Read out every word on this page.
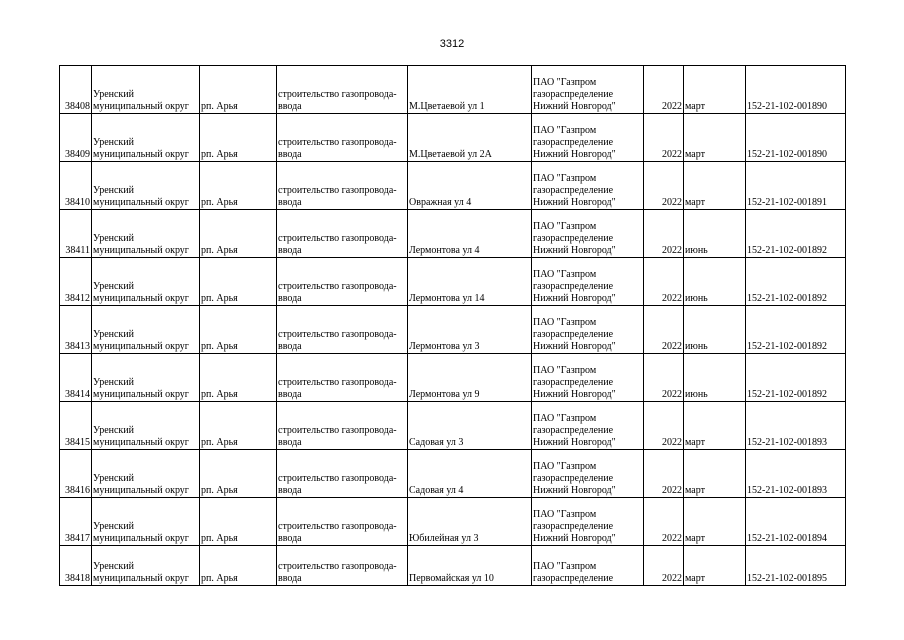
3312
38408	Уренский
муниципальный округ	рп. Арья	строительство газопровода-
ввода	М.Цветаевой ул 1	ПАО "Газпром
газораспределение
Нижний Новгород"	2022	март	152-21-102-001890

38409	Уренский
муниципальный округ	рп. Арья	строительство газопровода-
ввода	М.Цветаевой ул 2А	ПАО "Газпром
газораспределение
Нижний Новгород"	2022	март	152-21-102-001890

38410	Уренский
муниципальный округ	рп. Арья	строительство газопровода-
ввода	Овражная ул 4	ПАО "Газпром
газораспределение
Нижний Новгород"	2022	март	152-21-102-001891

38411	Уренский
муниципальный округ	рп. Арья	строительство газопровода-
ввода	Лермонтова ул 4	ПАО "Газпром
газораспределение
Нижний Новгород"	2022	июнь	152-21-102-001892

38412	Уренский
муниципальный округ	рп. Арья	строительство газопровода-
ввода	Лермонтова ул 14	ПАО "Газпром
газораспределение
Нижний Новгород"	2022	июнь	152-21-102-001892

38413	Уренский
муниципальный округ	рп. Арья	строительство газопровода-
ввода	Лермонтова ул 3	ПАО "Газпром
газораспределение
Нижний Новгород"	2022	июнь	152-21-102-001892

38414	Уренский
муниципальный округ	рп. Арья	строительство газопровода-
ввода	Лермонтова ул 9	ПАО "Газпром
газораспределение
Нижний Новгород"	2022	июнь	152-21-102-001892

38415	Уренский
муниципальный округ	рп. Арья	строительство газопровода-
ввода	Садовая ул 3	ПАО "Газпром
газораспределение
Нижний Новгород"	2022	март	152-21-102-001893

38416	Уренский
муниципальный округ	рп. Арья	строительство газопровода-
ввода	Садовая ул 4	ПАО "Газпром
газораспределение
Нижний Новгород"	2022	март	152-21-102-001893

38417	Уренский
муниципальный округ	рп. Арья	строительство газопровода-
ввода	Юбилейная ул 3	ПАО "Газпром
газораспределение
Нижний Новгород"	2022	март	152-21-102-001894

38418	Уренский
муниципальный округ	рп. Арья	строительство газопровода-
ввода	Первомайская ул 10	ПАО "Газпром
газораспределение	2022	март	152-21-102-001895
